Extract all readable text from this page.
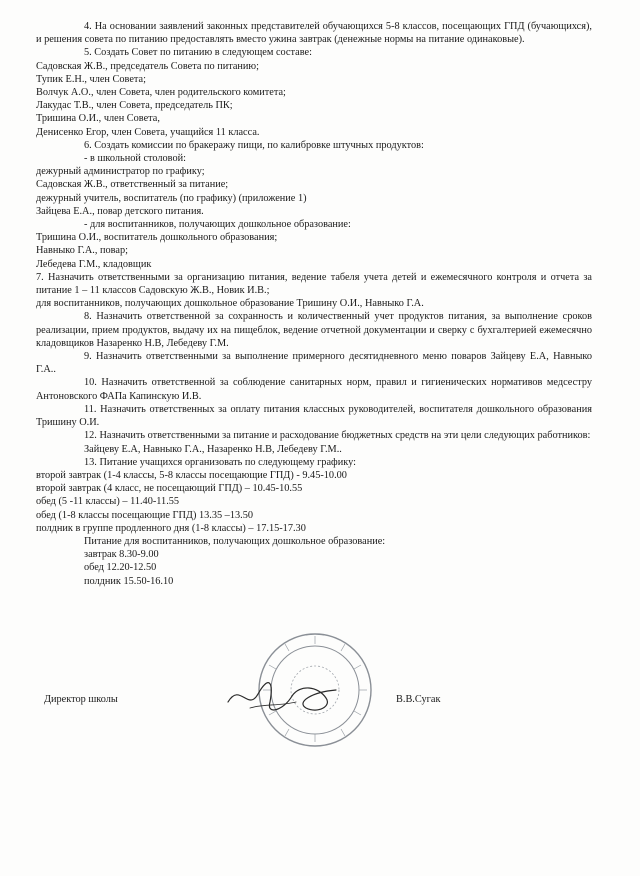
4. На основании заявлений законных представителей обучающихся 5-8 классов, посещающих ГПД (бучающихся), и решения совета по питанию предоставлять вместо ужина завтрак (денежные нормы на питание одинаковые).

5. Создать Совет по питанию в следующем составе:

Садовская Ж.В., председатель Совета по питанию;

Тупик Е.Н., член Совета;

Волчук А.О., член Совета, член родительского комитета;

Лакудас Т.В., член Совета, председатель ПК;

Тришина О.И., член Совета,

Денисенко Егор, член Совета, учащийся 11 класса.

6. Создать комиссии по бракеражу пищи, по калибровке штучных продуктов:

- в школьной столовой:

дежурный администратор по графику;

Садовская Ж.В., ответственный за питание;

дежурный учитель, воспитатель (по графику) (приложение 1)

Зайцева Е.А., повар детского питания.

- для воспитанников, получающих дошкольное образование:

Тришина О.И., воспитатель дошкольного образования;

Навныко Г.А., повар;

Лебедева Г.М., кладовщик

7. Назначить ответственными за организацию питания, ведение табеля учета детей и ежемесячного контроля и отчета за питание 1 – 11 классов Садовскую Ж.В., Новик И.В.;

для воспитанников, получающих дошкольное образование Тришину О.И., Навныко Г.А.

8. Назначить ответственной за сохранность и количественный учет продуктов питания, за выполнение сроков реализации, прием продуктов, выдачу их на пищеблок, ведение отчетной документации и сверку с бухгалтерией ежемесячно кладовщиков Назаренко Н.В, Лебедеву Г.М.

9. Назначить ответственными за выполнение примерного десятидневного меню поваров Зайцеву Е.А, Навныко Г.А..

10. Назначить ответственной за соблюдение санитарных норм, правил и гигиенических нормативов медсестру Антоновского ФАПа Капинскую И.В.

11. Назначить ответственных за оплату питания классных руководителей, воспитателя дошкольного образования Тришину О.И.

12. Назначить ответственными за питание и расходование бюджетных средств на эти цели следующих работников:

Зайцеву Е.А, Навныко Г.А., Назаренко Н.В, Лебедеву Г.М..

13. Питание учащихся организовать по следующему графику:

второй завтрак (1-4 классы, 5-8 классы посещающие ГПД) - 9.45-10.00

второй завтрак (4 класс, не посещающий ГПД) – 10.45-10.55

обед (5 -11 классы) – 11.40-11.55

обед (1-8 классы посещающие ГПД) 13.35 –13.50

полдник в группе продленного дня (1-8 классы) – 17.15-17.30

Питание для воспитанников, получающих дошкольное образование:

завтрак 8.30-9.00

обед 12.20-12.50

полдник 15.50-16.10

Директор школы	В.В.Сугак
